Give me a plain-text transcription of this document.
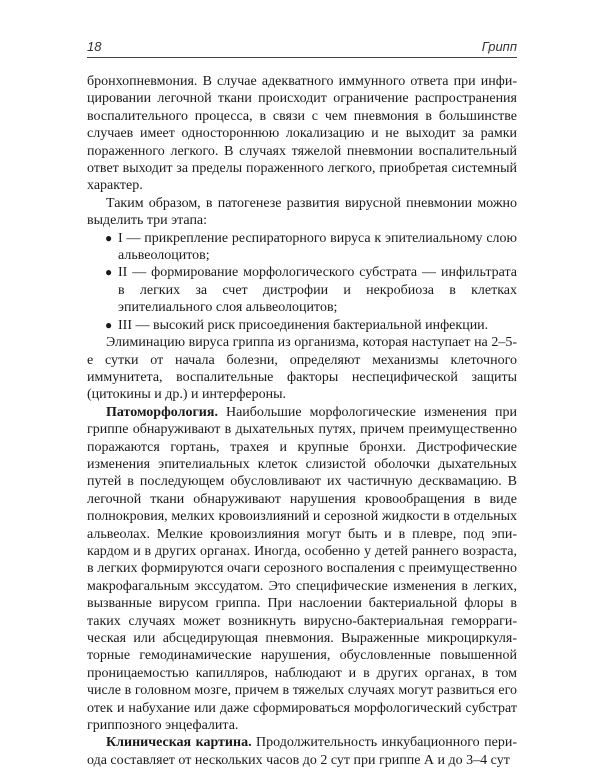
18	Грипп

бронхопневмония. В случае адекватного иммунного ответа при инфицировании легочной ткани происходит ограничение распространения воспалительного процесса, в связи с чем пневмония в большинстве случаев имеет одностороннюю локализацию и не выходит за рамки пораженного легкого. В случаях тяжелой пневмонии воспалительный ответ выходит за пределы пораженного легкого, приобретая системный характер.

Таким образом, в патогенезе развития вирусной пневмонии можно выделить три этапа:

● I — прикрепление респираторного вируса к эпителиальному слою альвеолоцитов;
● II — формирование морфологического субстрата — инфильтрата в легких за счет дистрофии и некробиоза в клетках эпителиального слоя альвеолоцитов;
● III — высокий риск присоединения бактериальной инфекции.

Элиминацию вируса гриппа из организма, которая наступает на 2–5-е сутки от начала болезни, определяют механизмы клеточного иммунитета, воспалительные факторы неспецифической защиты (цитокины и др.) и интерфероны.

Патоморфология. Наибольшие морфологические изменения при гриппе обнаруживают в дыхательных путях, причем преимущественно поражаются гортань, трахея и крупные бронхи. Дистрофические изменения эпителиальных клеток слизистой оболочки дыхательных путей в последующем обусловливают их частичную десквамацию. В легочной ткани обнаруживают нарушения кровообращения в виде полнокровия, мелких кровоизлияний и серозной жидкости в отдельных альвеолах. Мелкие кровоизлияния могут быть и в плевре, под эпикардом и в других органах. Иногда, особенно у детей раннего возраста, в легких формируются очаги серозного воспаления с преимущественно макрофагальным экссудатом. Это специфические изменения в легких, вызванные вирусом гриппа. При наслоении бактериальной флоры в таких случаях может возникнуть вирусно-бактериальная геморрагическая или абсцедирующая пневмония. Выраженные микроциркуляторные гемодинамические нарушения, обусловленные повышенной проницаемостью капилляров, наблюдают и в других органах, в том числе в головном мозге, причем в тяжелых случаях могут развиться его отек и набухание или даже сформироваться морфологический субстрат гриппозного энцефалита.

Клиническая картина. Продолжительность инкубационного периода составляет от нескольких часов до 2 сут при гриппе А и до 3–4 сут
